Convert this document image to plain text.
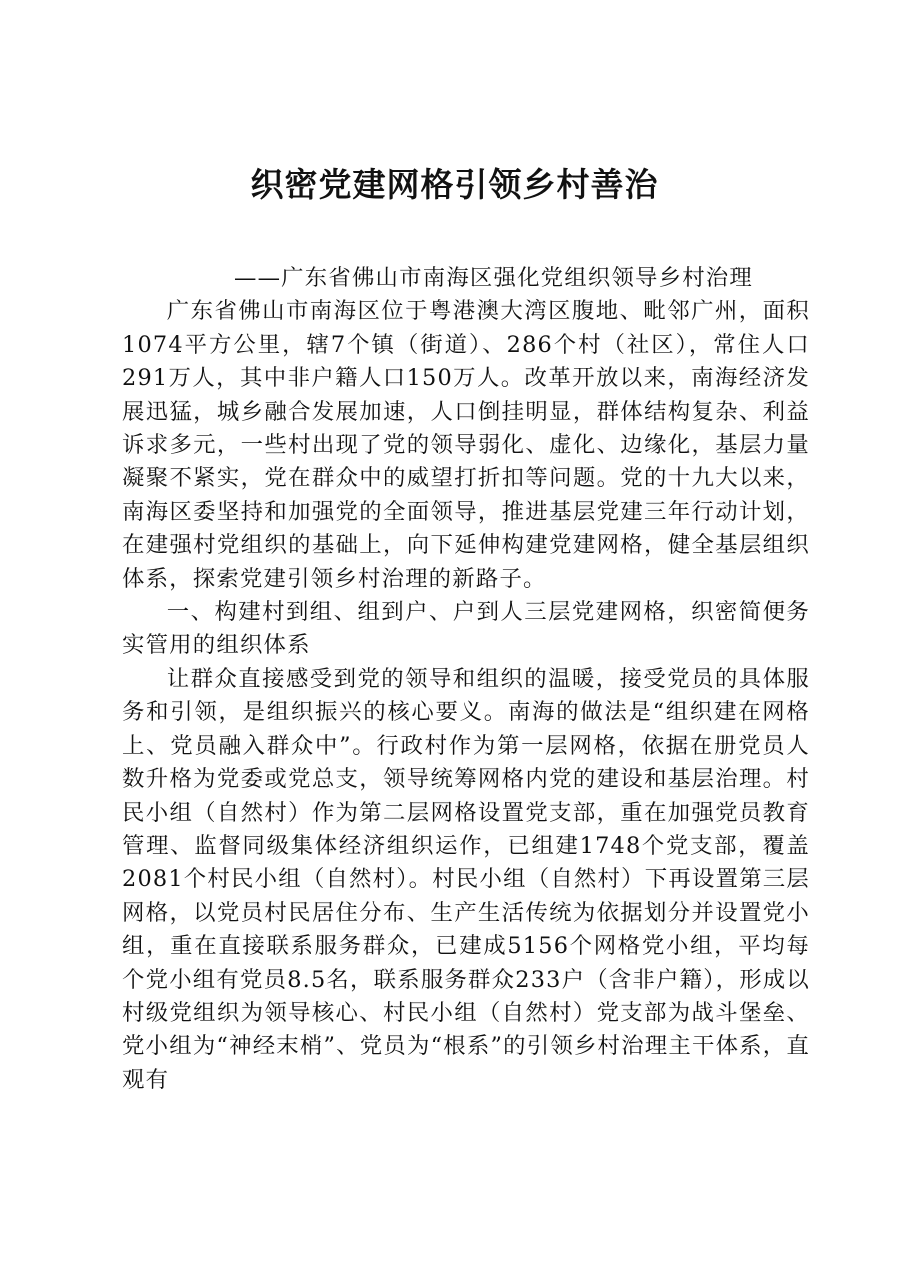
织密党建网格引领乡村善治

——广东省佛山市南海区强化党组织领导乡村治理

广东省佛山市南海区位于粤港澳大湾区腹地、毗邻广州，面积1074平方公里，辖7个镇（街道）、286个村（社区），常住人口291万人，其中非户籍人口150万人。改革开放以来，南海经济发展迅猛，城乡融合发展加速，人口倒挂明显，群体结构复杂、利益诉求多元，一些村出现了党的领导弱化、虚化、边缘化，基层力量凝聚不紧实，党在群众中的威望打折扣等问题。党的十九大以来，南海区委坚持和加强党的全面领导，推进基层党建三年行动计划，在建强村党组织的基础上，向下延伸构建党建网格，健全基层组织体系，探索党建引领乡村治理的新路子。

一、构建村到组、组到户、户到人三层党建网格，织密简便务实管用的组织体系

让群众直接感受到党的领导和组织的温暖，接受党员的具体服务和引领，是组织振兴的核心要义。南海的做法是“组织建在网格上、党员融入群众中”。行政村作为第一层网格，依据在册党员人数升格为党委或党总支，领导统筹网格内党的建设和基层治理。村民小组（自然村）作为第二层网格设置党支部，重在加强党员教育管理、监督同级集体经济组织运作，已组建1748个党支部，覆盖2081个村民小组（自然村）。村民小组（自然村）下再设置第三层网格，以党员村民居住分布、生产生活传统为依据划分并设置党小组，重在直接联系服务群众，已建成5156个网格党小组，平均每个党小组有党员8.5名，联系服务群众233户（含非户籍），形成以村级党组织为领导核心、村民小组（自然村）党支部为战斗堡垒、党小组为“神经末梢”、党员为“根系”的引领乡村治理主干体系，直观有
